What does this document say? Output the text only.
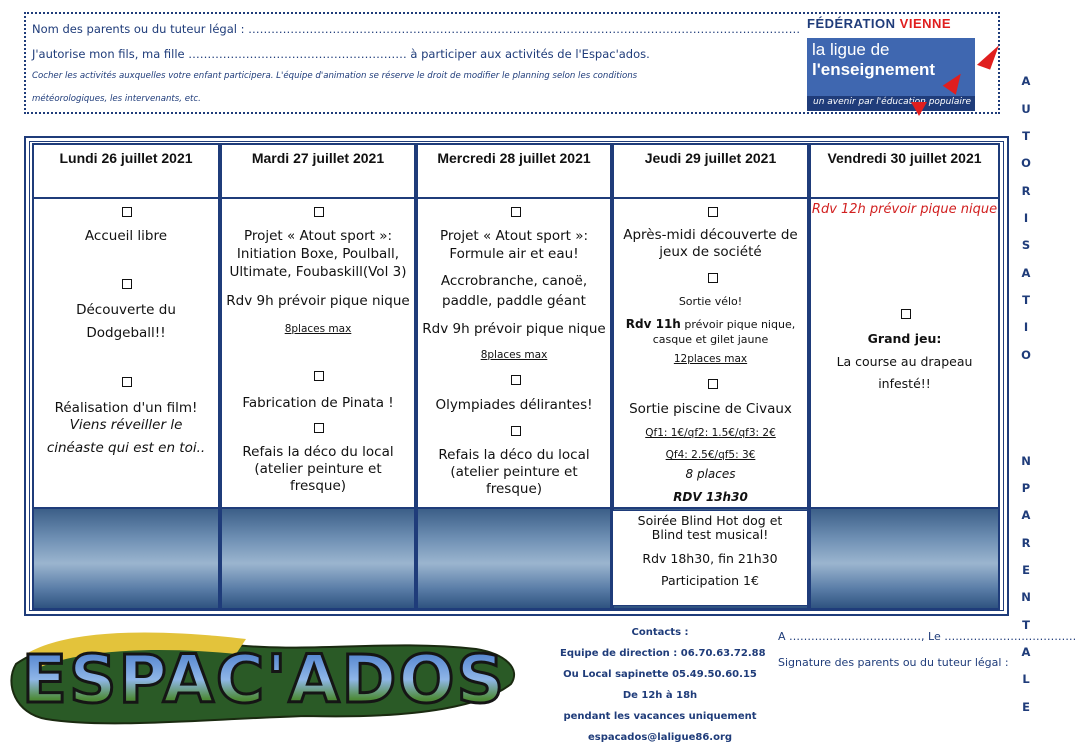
Nom des parents ou du tuteur légal : ………………………………………………………………………………………………………………………………
J'autorise mon fils, ma fille ………………………………………………… à participer aux activités de l'Espac'ados.
Cocher les activités auxquelles votre enfant participera. L'équipe d'animation se réserve le droit de modifier le planning selon les conditions
météorologiques, les intervenants, etc.
FÉDÉRATION VIENNE
la ligue de
l'enseignement
un avenir par l'éducation populaire
A
U
T
O
R
I
S
A
T
I
O
N
P
A
R
E
N
T
A
L
E
Lundi 26 juillet 2021
Accueil libre
Découverte du
Dodgeball!!
Réalisation d'un film!
Viens réveiller le
cinéaste qui est en toi..
Mardi 27 juillet 2021
Projet « Atout sport »:
Initiation Boxe, Poulball,
Ultimate, Foubaskill(Vol 3)
Rdv 9h prévoir pique nique
8places max
Fabrication de Pinata !
Refais la déco du local
(atelier peinture et
fresque)
Mercredi 28 juillet 2021
Projet « Atout sport »:
Formule air et eau!
Accrobranche, canoë,
paddle, paddle géant
Rdv 9h prévoir pique nique
8places max
Olympiades délirantes!
Refais la déco du local
(atelier peinture et
fresque)
Jeudi 29 juillet 2021
Après-midi découverte de
jeux de société
Sortie vélo!
Rdv 11h prévoir pique nique,
casque et gilet jaune
12places max
Sortie piscine de Civaux
Qf1: 1€/qf2: 1.5€/qf3: 2€
Qf4: 2.5€/qf5: 3€
8 places
RDV 13h30
Vendredi 30 juillet 2021
Rdv 12h prévoir pique nique
Grand jeu:
La course au drapeau
infesté!!
Soirée Blind Hot dog et
Blind test musical!
Rdv 18h30, fin 21h30
Participation 1€
ESPAC'ADOS
Contacts :
Equipe de direction : 06.70.63.72.88
Ou Local sapinette 05.49.50.60.15
De 12h à 18h
pendant les vacances uniquement
espacados@laligue86.org
A ………………………………, Le ………………………………
Signature des parents ou du tuteur légal :
